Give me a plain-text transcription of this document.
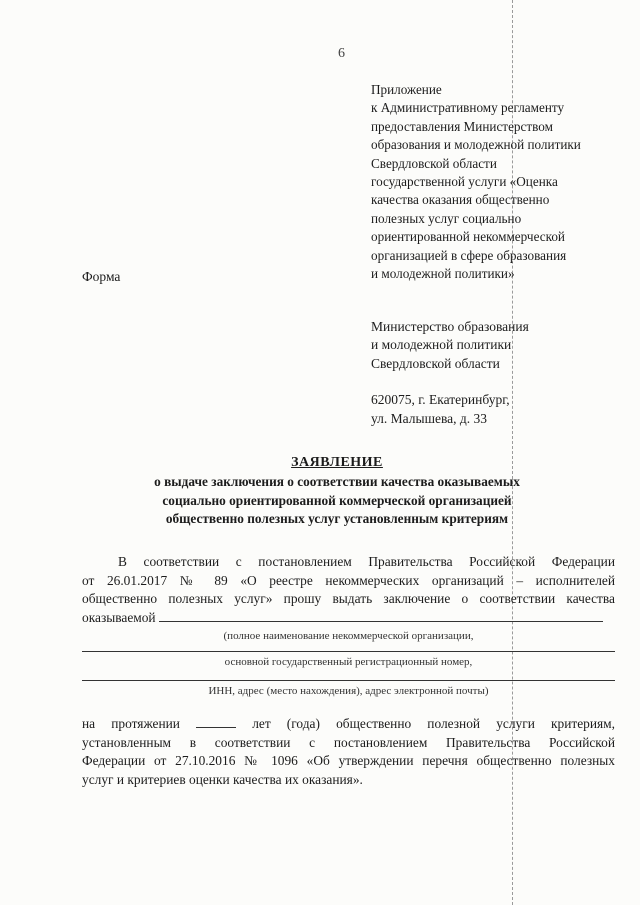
6
Приложение
к Административному регламенту
предоставления Министерством
образования и молодежной политики
Свердловской области
государственной услуги «Оценка
качества оказания общественно
полезных услуг социально
ориентированной некоммерческой
организацией в сфере образования
и молодежной политики»
Форма
Министерство образования
и молодежной политики
Свердловской области
620075, г. Екатеринбург,
ул. Малышева, д. 33
ЗАЯВЛЕНИЕ
о выдаче заключения о соответствии качества оказываемых
социально ориентированной коммерческой организацией
общественно полезных услуг установленным критериям
В соответствии с постановлением Правительства Российской Федерации
от 26.01.2017 № 89 «О реестре некоммерческих организаций – исполнителей
общественно полезных услуг» прошу выдать заключение о соответствии качества
оказываемой
(полное наименование некоммерческой организации,
основной государственный регистрационный номер,
ИНН, адрес (место нахождения), адрес электронной почты)
на протяжении	лет (года) общественно полезной услуги критериям,
установленным в соответствии с постановлением Правительства Российской
Федерации от 27.10.2016 № 1096 «Об утверждении перечня общественно полезных
услуг и критериев оценки качества их оказания».
